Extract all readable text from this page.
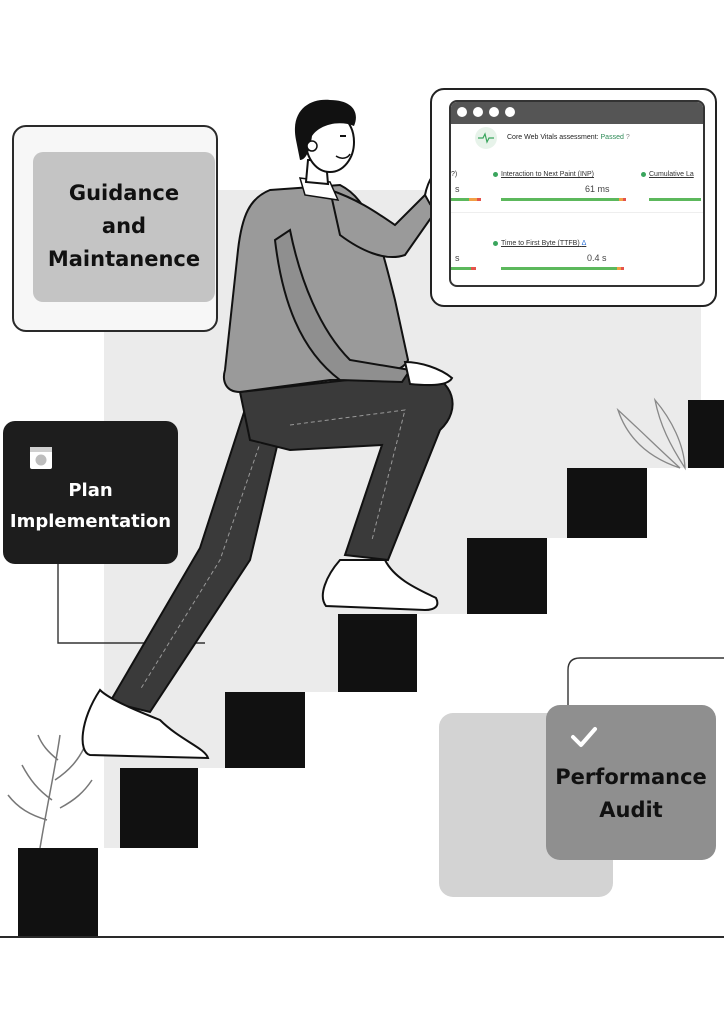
Guidance
and
Maintanence
Plan
Implementation
Performance
Audit
Core Web Vitals assessment: Passed ?
?)	Interaction to Next Paint (INP)	Cumulative La
s	61 ms
Time to First Byte (TTFB) Δ
s	0.4 s
